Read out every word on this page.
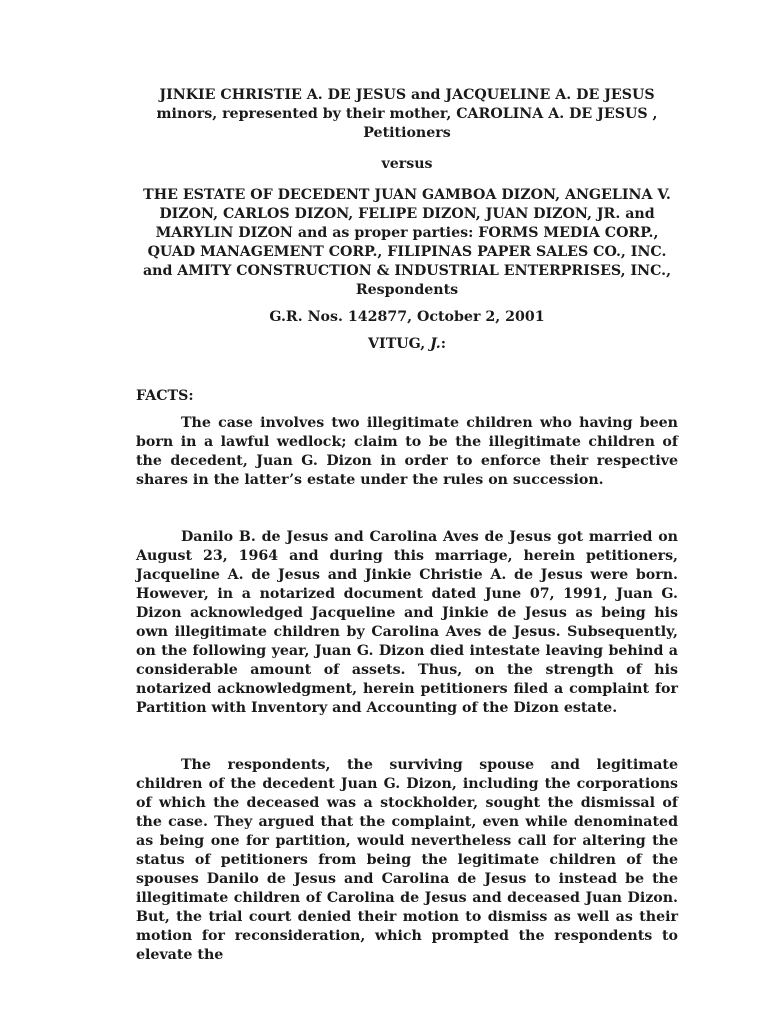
JINKIE CHRISTIE A. DE JESUS and JACQUELINE A. DE JESUS minors, represented by their mother, CAROLINA A. DE JESUS , Petitioners

versus

THE ESTATE OF DECEDENT JUAN GAMBOA DIZON, ANGELINA V. DIZON, CARLOS DIZON, FELIPE DIZON, JUAN DIZON, JR. and MARYLIN DIZON and as proper parties: FORMS MEDIA CORP., QUAD MANAGEMENT CORP., FILIPINAS PAPER SALES CO., INC. and AMITY CONSTRUCTION & INDUSTRIAL ENTERPRISES, INC., Respondents

G.R. Nos. 142877, October 2, 2001

VITUG, J.:

FACTS:

The case involves two illegitimate children who having been born in a lawful wedlock; claim to be the illegitimate children of the decedent, Juan G. Dizon in order to enforce their respective shares in the latter’s estate under the rules on succession.

Danilo B. de Jesus and Carolina Aves de Jesus got married on August 23, 1964 and during this marriage, herein petitioners, Jacqueline A. de Jesus and Jinkie Christie A. de Jesus were born. However, in a notarized document dated June 07, 1991, Juan G. Dizon acknowledged Jacqueline and Jinkie de Jesus as being his own illegitimate children by Carolina Aves de Jesus. Subsequently, on the following year, Juan G. Dizon died intestate leaving behind a considerable amount of assets. Thus, on the strength of his notarized acknowledgment, herein petitioners filed a complaint for Partition with Inventory and Accounting of the Dizon estate.

The respondents, the surviving spouse and legitimate children of the decedent Juan G. Dizon, including the corporations of which the deceased was a stockholder, sought the dismissal of the case. They argued that the complaint, even while denominated as being one for partition, would nevertheless call for altering the status of petitioners from being the legitimate children of the spouses Danilo de Jesus and Carolina de Jesus to instead be the illegitimate children of Carolina de Jesus and deceased Juan Dizon. But, the trial court denied their motion to dismiss as well as their motion for reconsideration, which prompted the respondents to elevate the
